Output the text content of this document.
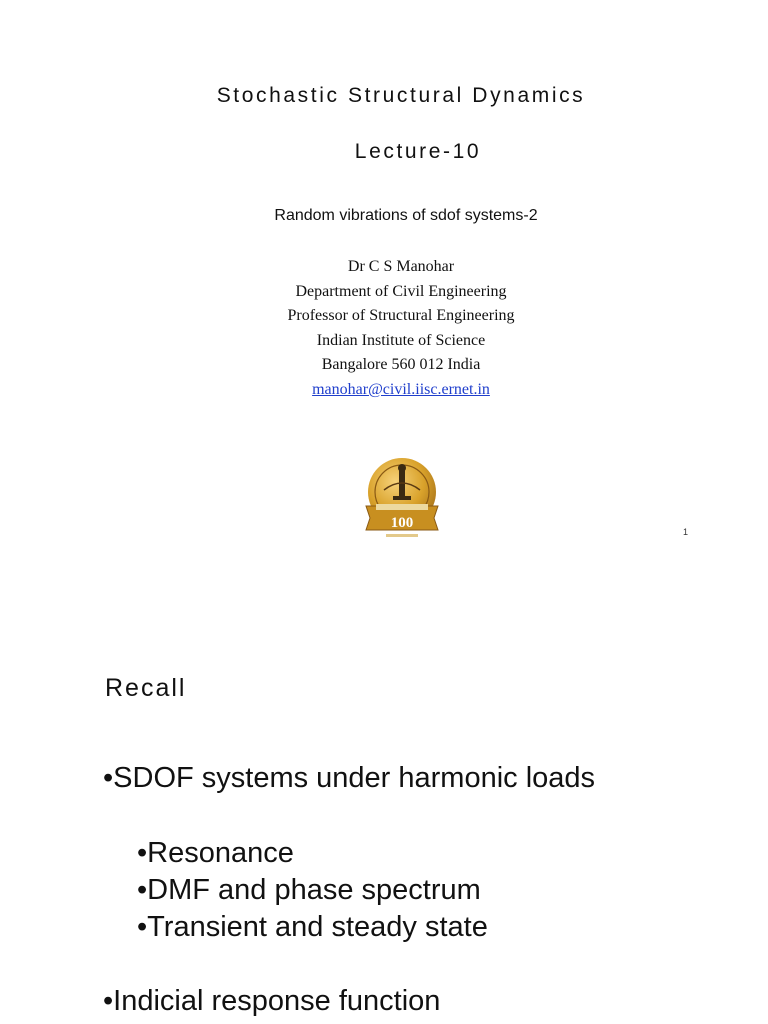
Stochastic Structural Dynamics
Lecture-10
Random vibrations of sdof systems-2
Dr C S Manohar
Department of Civil Engineering
Professor of Structural Engineering
Indian Institute of Science
Bangalore 560 012 India
manohar@civil.iisc.ernet.in
100
1
Recall
•SDOF systems under harmonic loads
•Resonance
•DMF and phase spectrum
•Transient and steady state
•Indicial response function
